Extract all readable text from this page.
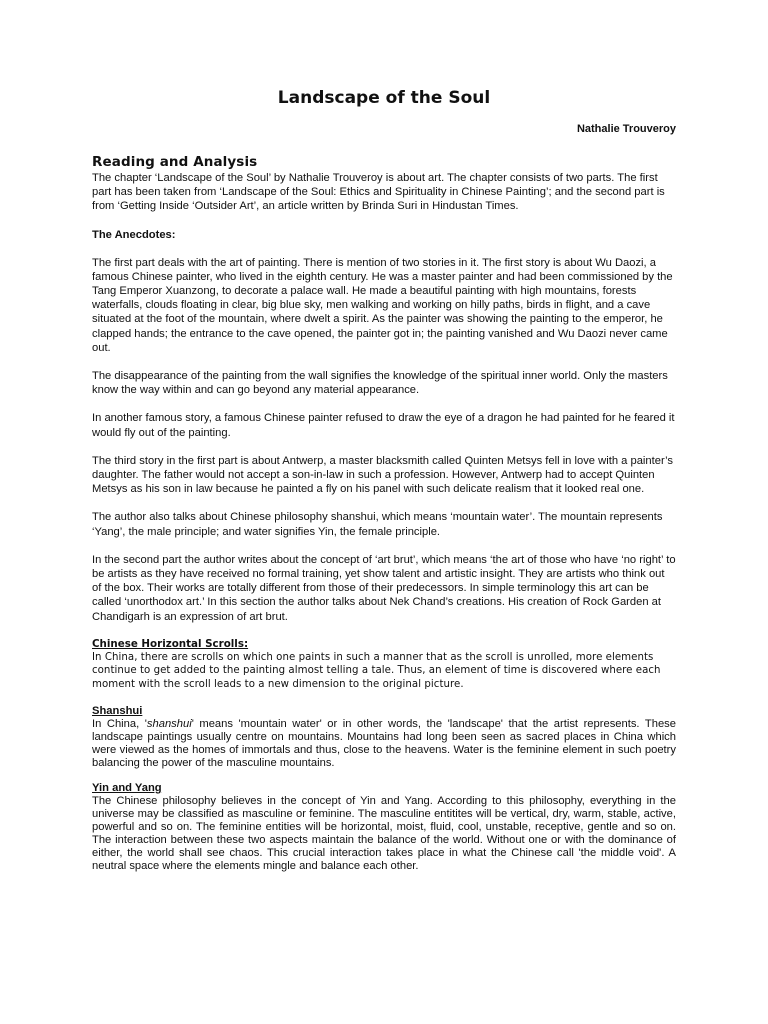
Landscape of the Soul
Nathalie Trouveroy
Reading and Analysis

The chapter ‘Landscape of the Soul’ by Nathalie Trouveroy is about art. The chapter consists of two parts. The first part has been taken from ‘Landscape of the Soul: Ethics and Spirituality in Chinese Painting’; and the second part is from ‘Getting Inside ‘Outsider Art’, an article written by Brinda Suri in Hindustan Times.

The Anecdotes:

The first part deals with the art of painting. There is mention of two stories in it. The first story is about Wu Daozi, a famous Chinese painter, who lived in the eighth century. He was a master painter and had been commissioned by the Tang Emperor Xuanzong, to decorate a palace wall. He made a beautiful painting with high mountains, forests waterfalls, clouds floating in clear, big blue sky, men walking and working on hilly paths, birds in flight, and a cave situated at the foot of the mountain, where dwelt a spirit. As the painter was showing the painting to the emperor, he clapped hands; the entrance to the cave opened, the painter got in; the painting vanished and Wu Daozi never came out.

The disappearance of the painting from the wall signifies the knowledge of the spiritual inner world. Only the masters know the way within and can go beyond any material appearance.

In another famous story, a famous Chinese painter refused to draw the eye of a dragon he had painted for he feared it would fly out of the painting.

The third story in the first part is about Antwerp, a master blacksmith called Quinten Metsys fell in love with a painter’s daughter. The father would not accept a son-in-law in such a profession. However, Antwerp had to accept Quinten Metsys as his son in law because he painted a fly on his panel with such delicate realism that it looked real one.

The author also talks about Chinese philosophy shanshui, which means ‘mountain water’. The mountain represents ‘Yang’, the male principle; and water signifies Yin, the female principle.

In the second part the author writes about the concept of ‘art brut’, which means ‘the art of those who have ‘no right’ to be artists as they have received no formal training, yet show talent and artistic insight. They are artists who think out of the box. Their works are totally different from those of their predecessors. In simple terminology this art can be called ‘unorthodox art.’ In this section the author talks about Nek Chand’s creations. His creation of Rock Garden at Chandigarh is an expression of art brut.

Chinese Horizontal Scrolls:

In China, there are scrolls on which one paints in such a manner that as the scroll is unrolled, more elements continue to get added to the painting almost telling a tale. Thus, an element of time is discovered where each moment with the scroll leads to a new dimension to the original picture.

Shanshui

In China, 'shanshui' means 'mountain water' or in other words, the 'landscape' that the artist represents. These landscape paintings usually centre on mountains. Mountains had long been seen as sacred places in China which were viewed as the homes of immortals and thus, close to the heavens. Water is the feminine element in such poetry balancing the power of the masculine mountains.

Yin and Yang

The Chinese philosophy believes in the concept of Yin and Yang. According to this philosophy, everything in the universe may be classified as masculine or feminine. The masculine entitites will be vertical, dry, warm, stable, active, powerful and so on. The feminine entities will be horizontal, moist, fluid, cool, unstable, receptive, gentle and so on. The interaction between these two aspects maintain the balance of the world. Without one or with the dominance of either, the world shall see chaos. This crucial interaction takes place in what the Chinese call 'the middle void'. A neutral space where the elements mingle and balance each other.
